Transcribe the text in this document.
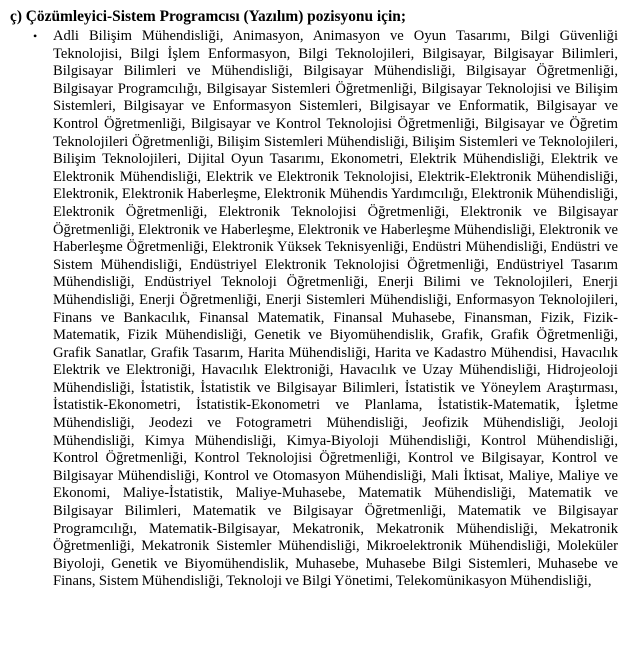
ç) Çözümleyici-Sistem Programcısı (Yazılım) pozisyonu için;
• Adli Bilişim Mühendisliği, Animasyon, Animasyon ve Oyun Tasarımı, Bilgi Güvenliği Teknolojisi, Bilgi İşlem Enformasyon, Bilgi Teknolojileri, Bilgisayar, Bilgisayar Bilimleri, Bilgisayar Bilimleri ve Mühendisliği, Bilgisayar Mühendisliği, Bilgisayar Öğretmenliği, Bilgisayar Programcılığı, Bilgisayar Sistemleri Öğretmenliği, Bilgisayar Teknolojisi ve Bilişim Sistemleri, Bilgisayar ve Enformasyon Sistemleri, Bilgisayar ve Enformatik, Bilgisayar ve Kontrol Öğretmenliği, Bilgisayar ve Kontrol Teknolojisi Öğretmenliği, Bilgisayar ve Öğretim Teknolojileri Öğretmenliği, Bilişim Sistemleri Mühendisliği, Bilişim Sistemleri ve Teknolojileri, Bilişim Teknolojileri, Dijital Oyun Tasarımı, Ekonometri, Elektrik Mühendisliği, Elektrik ve Elektronik Mühendisliği, Elektrik ve Elektronik Teknolojisi, Elektrik-Elektronik Mühendisliği, Elektronik, Elektronik Haberleşme, Elektronik Mühendis Yardımcılığı, Elektronik Mühendisliği, Elektronik Öğretmenliği, Elektronik Teknolojisi Öğretmenliği, Elektronik ve Bilgisayar Öğretmenliği, Elektronik ve Haberleşme, Elektronik ve Haberleşme Mühendisliği, Elektronik ve Haberleşme Öğretmenliği, Elektronik Yüksek Teknisyenliği, Endüstri Mühendisliği, Endüstri ve Sistem Mühendisliği, Endüstriyel Elektronik Teknolojisi Öğretmenliği, Endüstriyel Tasarım Mühendisliği, Endüstriyel Teknoloji Öğretmenliği, Enerji Bilimi ve Teknolojileri, Enerji Mühendisliği, Enerji Öğretmenliği, Enerji Sistemleri Mühendisliği, Enformasyon Teknolojileri, Finans ve Bankacılık, Finansal Matematik, Finansal Muhasebe, Finansman, Fizik, Fizik-Matematik, Fizik Mühendisliği, Genetik ve Biyomühendislik, Grafik, Grafik Öğretmenliği, Grafik Sanatlar, Grafik Tasarım, Harita Mühendisliği, Harita ve Kadastro Mühendisi, Havacılık Elektrik ve Elektroniği, Havacılık Elektroniği, Havacılık ve Uzay Mühendisliği, Hidrojeoloji Mühendisliği, İstatistik, İstatistik ve Bilgisayar Bilimleri, İstatistik ve Yöneylem Araştırması, İstatistik-Ekonometri, İstatistik-Ekonometri ve Planlama, İstatistik-Matematik, İşletme Mühendisliği, Jeodezi ve Fotogrametri Mühendisliği, Jeofizik Mühendisliği, Jeoloji Mühendisliği, Kimya Mühendisliği, Kimya-Biyoloji Mühendisliği, Kontrol Mühendisliği, Kontrol Öğretmenliği, Kontrol Teknolojisi Öğretmenliği, Kontrol ve Bilgisayar, Kontrol ve Bilgisayar Mühendisliği, Kontrol ve Otomasyon Mühendisliği, Mali İktisat, Maliye, Maliye ve Ekonomi, Maliye-İstatistik, Maliye-Muhasebe, Matematik Mühendisliği, Matematik ve Bilgisayar Bilimleri, Matematik ve Bilgisayar Öğretmenliği, Matematik ve Bilgisayar Programcılığı, Matematik-Bilgisayar, Mekatronik, Mekatronik Mühendisliği, Mekatronik Öğretmenliği, Mekatronik Sistemler Mühendisliği, Mikroelektronik Mühendisliği, Moleküler Biyoloji, Genetik ve Biyomühendislik, Muhasebe, Muhasebe Bilgi Sistemleri, Muhasebe ve Finans, Sistem Mühendisliği, Teknoloji ve Bilgi Yönetimi, Telekomünikasyon Mühendisliği,
